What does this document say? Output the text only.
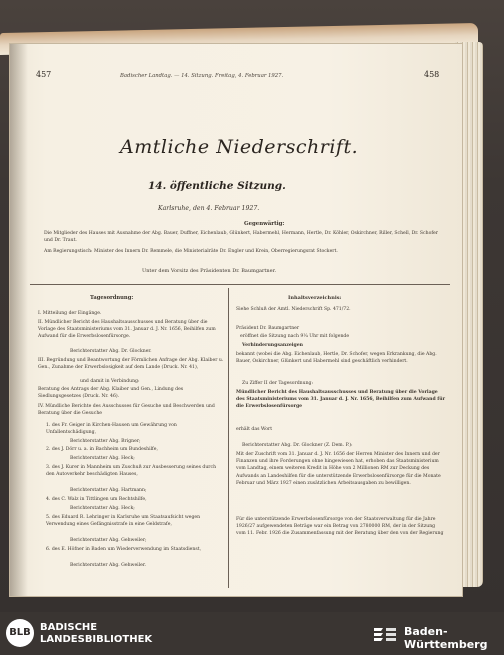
457	Badischer Landtag. — 14. Sitzung. Freitag, 4. Februar 1927.	458
Amtliche Niederschrift.
14. öffentliche Sitzung.
Karlsruhe, den 4. Februar 1927.
Gegenwärtig:
Die Mitglieder des Hauses mit Ausnahme der Abg. Bauer, Duffner, Eichenlaub, Glünkert, Habermehl, Hermann, Hertle, Dr. Köhler, Oskirchner, Riller, Schell, Dr. Schofer und Dr. Traut.
Am Regierungstisch: Minister des Innern Dr. Remmele, die Ministerialräte Dr. Engler und Krein, Oberregierungsrat Stockert.
Unter dem Vorsitz des Präsidenten Dr. Baumgartner.
Tagesordnung:
I. Mitteilung der Eingänge.
II. Mündlicher Bericht des Haushaltsausschusses und Beratung über die Vorlage des Staatsministeriums vom 31. Januar d. J. Nr. 1656, Beihilfen zum Aufwand für die Erwerbslosenfürsorge.
Berichterstatter Abg. Dr. Glockner.
III. Begründung und Beantwortung der Förmlichen Anfrage der Abg. Klaiber u. Gen., Zunahme der Erwerbslosigkeit auf dem Lande (Druck. Nr. 41),
und damit in Verbindung:
Beratung des Antrags der Abg. Klaiber und Gen., Lindung des Siedlungsgesetzes (Druck. Nr. 46).
IV. Mündliche Berichte des Ausschusses für Gesuche und Beschwerden und Beratung über die Gesuche
1. des Fr. Geiger in Kirchen-Hausen um Gewährung von Unfallentschädigung,
Berichterstatter Abg. Brigner;
2. des J. Dörr u. a. in Bachheim um Bundeshilfe,
Berichterstatter Abg. Heck;
3. des J. Kurer in Mannheim um Zuschuß zur Ausbesserung seines durch den Autoverkehr beschädigten Hauses,
Berichterstatter Abg. Hartmann;
4. des C. Walz in Tittlingen um Rechtshilfe,
Berichterstatter Abg. Heck;
5. des Eduard R. Lehringer in Karlsruhe um Staatsaufsicht wegen Verwendung eines Gefängnisstrafe in eine Geldstrafe,
Berichterstatter Abg. Gehweiler;
6. des E. Höfner in Baden um Wiederverwendung im Staatsdienst,
Berichterstatter Abg. Gehweiler.
Inhaltsverzeichnis:
Siehe Schluß der Amtl. Niederschrift Sp. 471/72.
Präsident Dr. Baumgartner
eröffnet die Sitzung nach 9¼ Uhr mit folgende
Verhinderungsanzeigen
bekannt (wobei die Abg. Eichenlaub, Hertle, Dr. Schofer, wegen Erkrankung, die Abg. Bauer, Oskirchner, Glünkert und Habermehl sind geschäftlich verhindert.
Zu Ziffer II der Tagesordnung:
Mündlicher Bericht des Haushaltsausschusses und Beratung über die Vorlage des Staatsministeriums vom 31. Januar d. J. Nr. 1656, Beihilfen zum Aufwand für die Erwerbslosenfürsorge
erhält das Wort
Berichterstatter Abg. Dr. Glockner (Z. Dem. P.):
Mit der Zuschrift vom 31. Januar d. J. Nr. 1656 der Herren Minister des Innern und der Finanzen und ihre Forderungen ohne hingewiesen hat, erhoben das Staatsministerium vom Landtag, einem weiteren Kredit in Höhe von 2 Millionen RM zur Deckung des Aufwands an Landeshilfen für die unterstützende Erwerbslosenfürsorge für die Monate Februar und März 1927 einen zusätzlichen Arbeitsausgaben zu bewilligen.
Für die unterstützende Erwerbslosenfürsorge von der Staatsverwaltung für die Jahre 1926/27 aufgewendeten Beträge war ein Betrag von 2780000 RM, der in der Sitzung vom 11. Febr. 1926 die Zusammenfassung mit der Beratung über den von der Regierung
BLB BADISCHE
LANDESBIBLIOTHEK
Baden-Württemberg
